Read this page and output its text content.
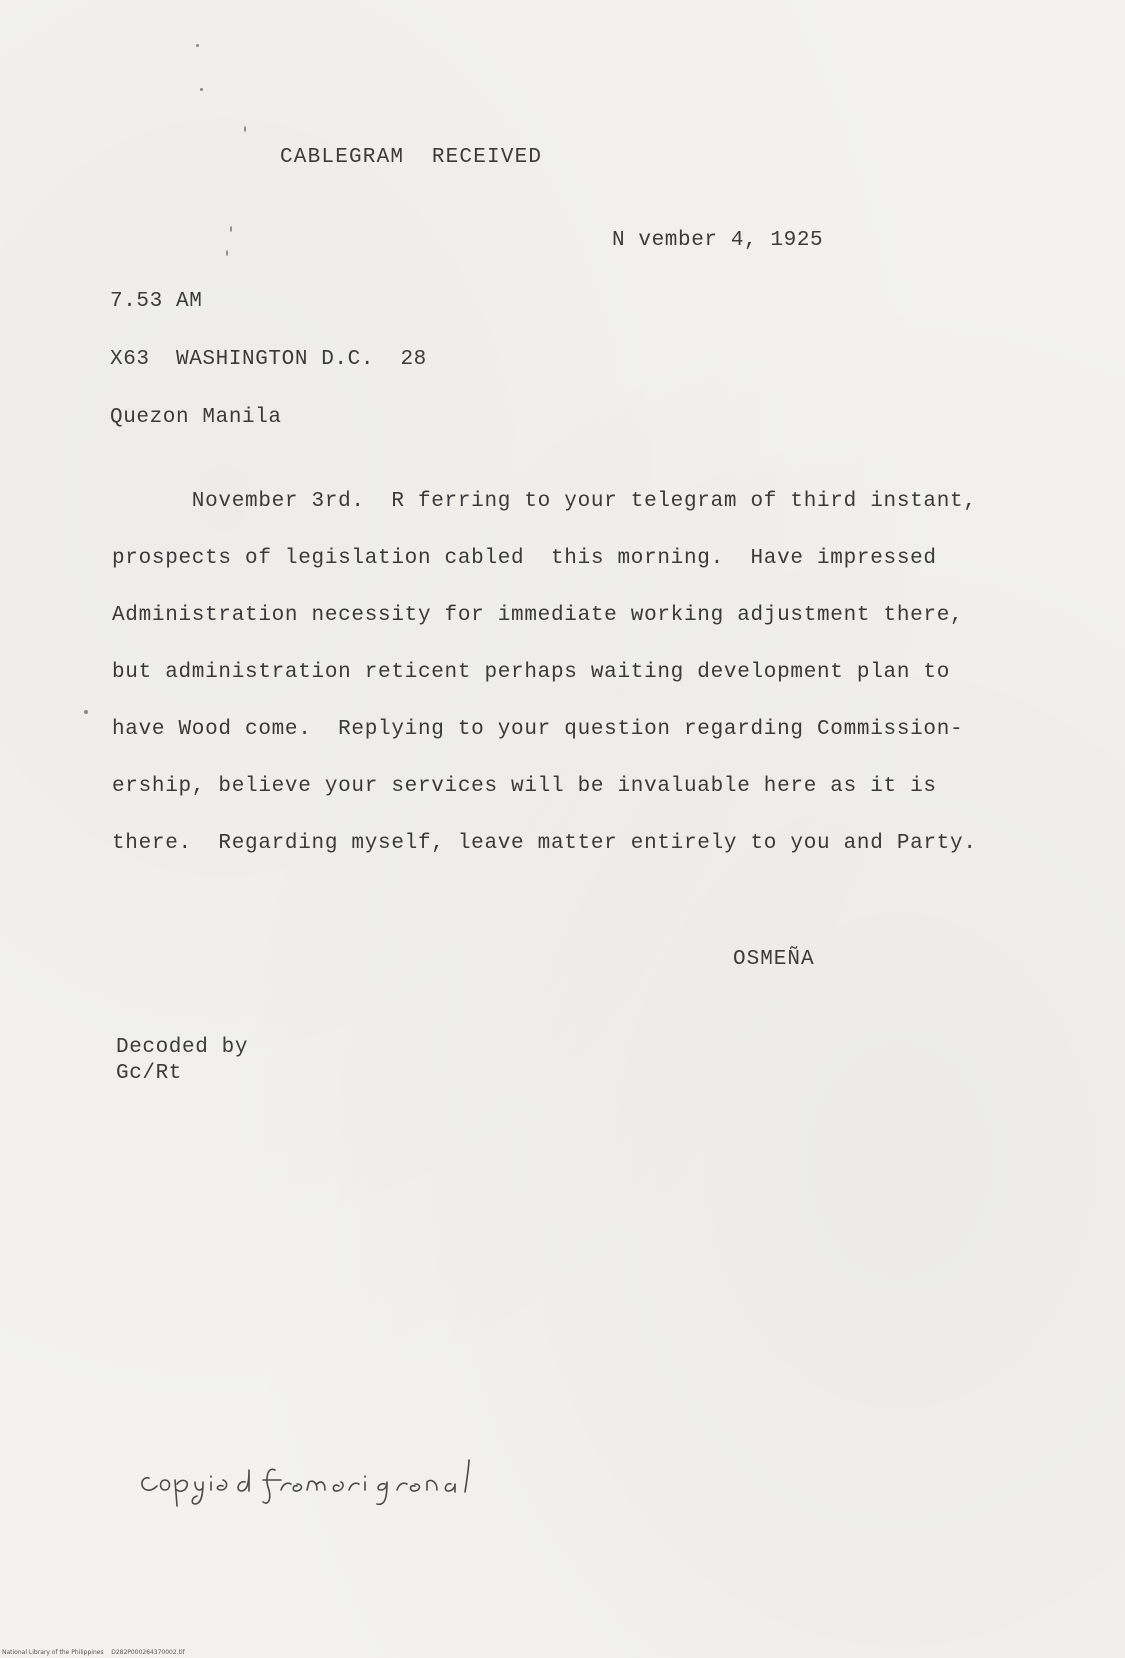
CABLEGRAM  RECEIVED
N vember 4, 1925
7.53 AM
X63  WASHINGTON D.C.  28
Quezon Manila
November 3rd.  R ferring to your telegram of third instant,
prospects of legislation cabled  this morning.  Have impressed
Administration necessity for immediate working adjustment there,
but administration reticent perhaps waiting development plan to
have Wood come.  Replying to your question regarding Commission-
ership, believe your services will be invaluable here as it is
there.  Regarding myself, leave matter entirely to you and Party.
OSMEÑA
Decoded by
Gc/Rt
National Library of the Philippines    D282P000264370002.tif
